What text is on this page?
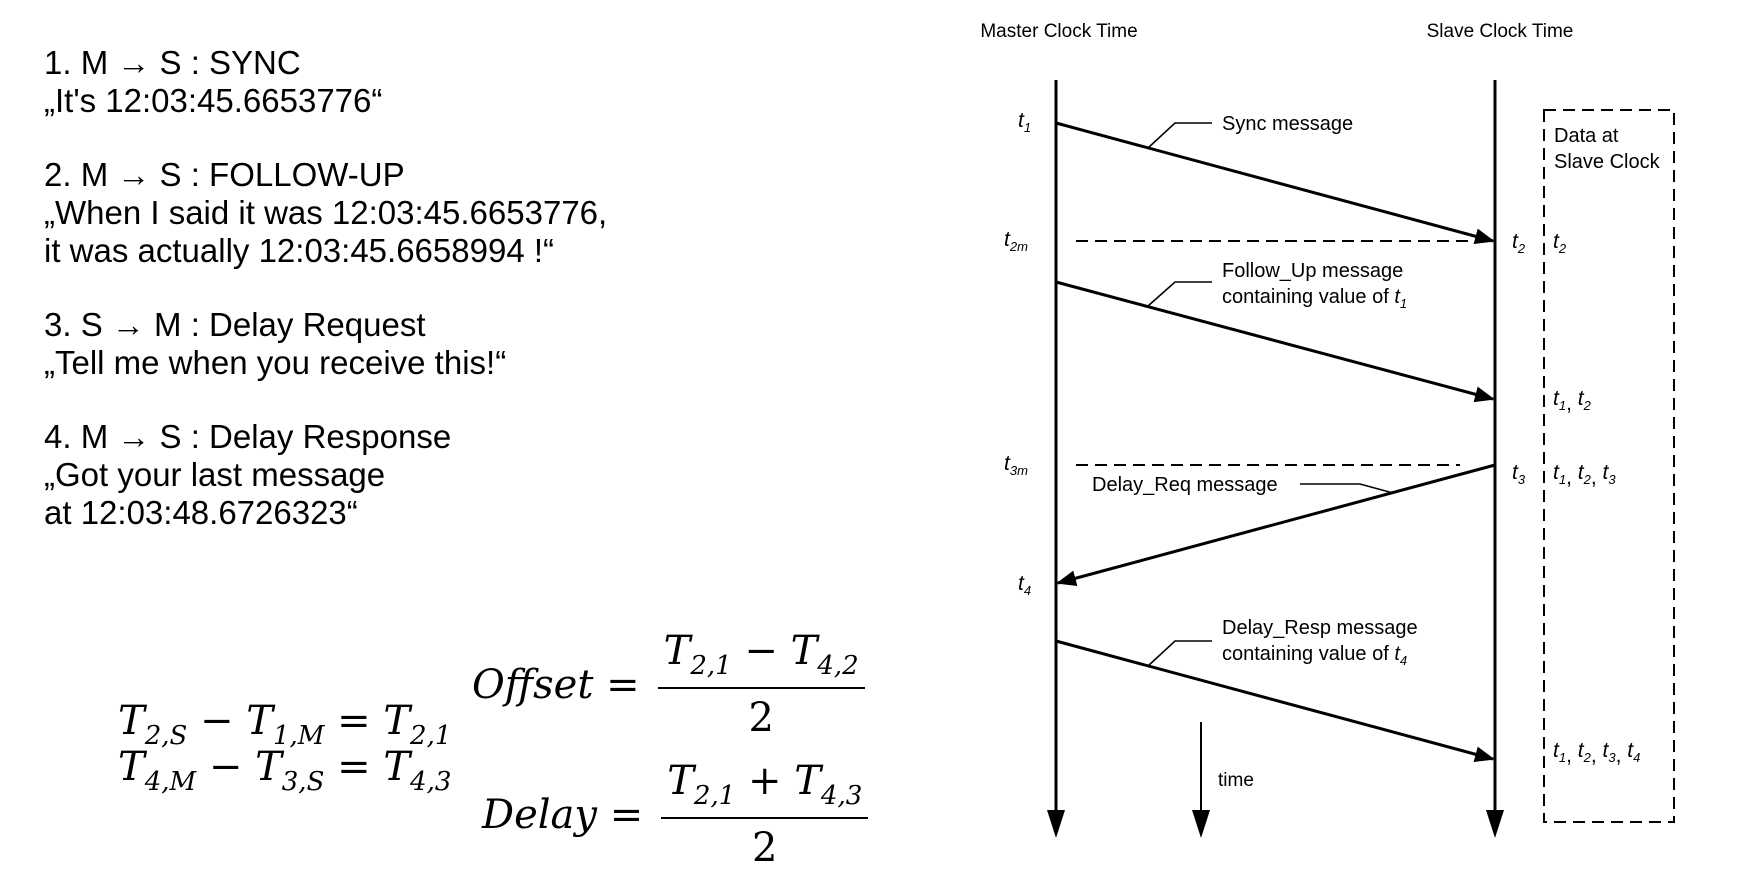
1. M → S : SYNC
„It's 12:03:45.6653776“
2. M → S : FOLLOW-UP
„When I said it was 12:03:45.6653776,
it was actually 12:03:45.6658994 !“
3. S → M : Delay Request
„Tell me when you receive this!“
4. M → S : Delay Response
„Got your last message
at 12:03:48.6726323“
$T_{2,S} - T_{1,M} = T_{2,1}$
$T_{4,M} - T_{3,S} = T_{4,3}$
Offset = $\frac{T_{2,1} - T_{4,2}}{2}$
Delay = $\frac{T_{2,1} + T_{4,3}}{2}$
Master Clock Time	Slave Clock Time
time
Sync message
Follow_Up message
containing value of $t_1$
Delay_Req message
Delay_Resp message
containing value of $t_4$
$t_1$
$t_{2m}$
$t_{3m}$
$t_4$
$t_2$
$t_3$
Data at
Slave Clock
$t_2$
$t_1$, $t_2$
$t_1$, $t_2$, $t_3$
$t_1$, $t_2$, $t_3$, $t_4$
